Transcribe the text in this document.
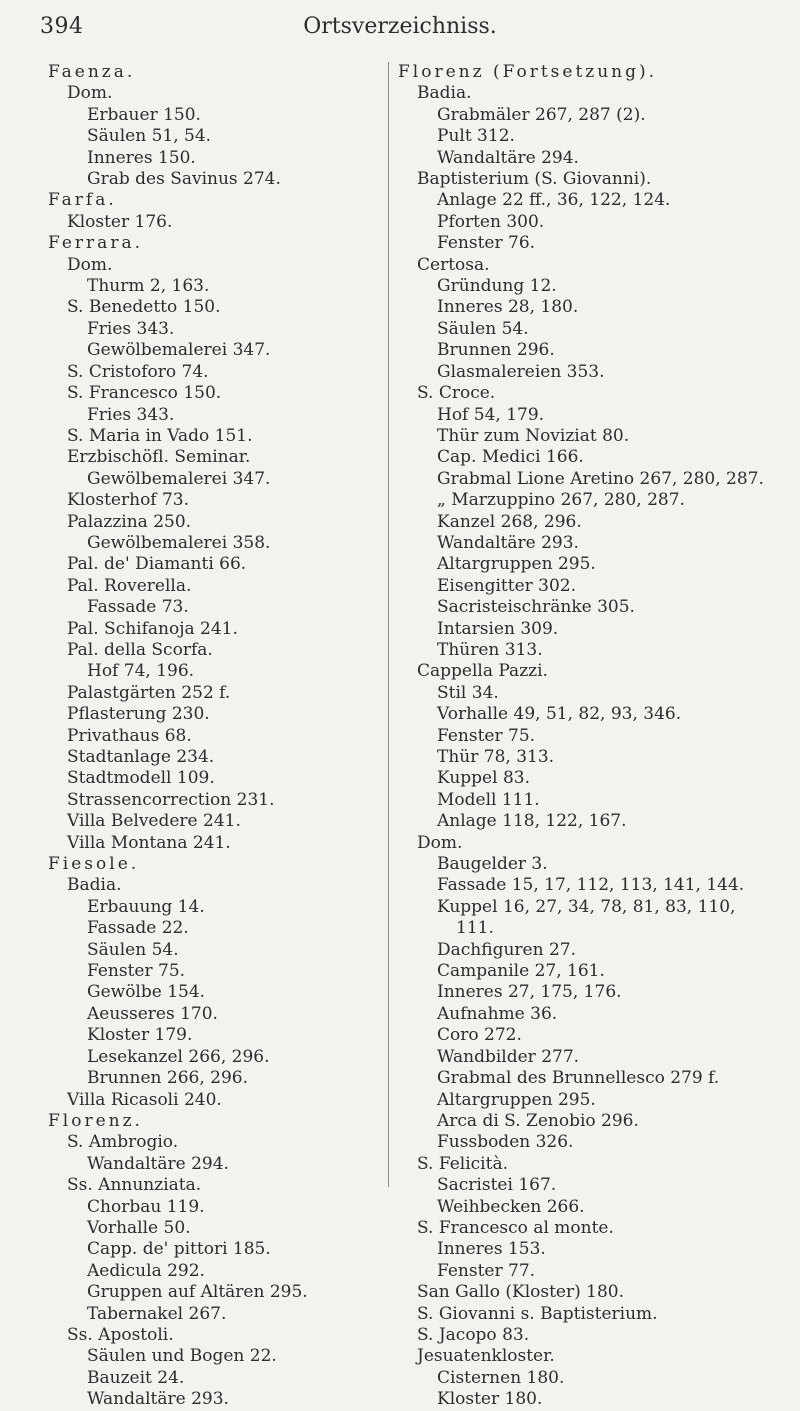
394	Ortsverzeichniss.
Faenza.
Dom.
Erbauer 150.
Säulen 51, 54.
Inneres 150.
Grab des Savinus 274.
Farfa.
Kloster 176.
Ferrara.
Dom.
Thurm 2, 163.
S. Benedetto 150.
Fries 343.
Gewölbemalerei 347.
S. Cristoforo 74.
S. Francesco 150.
Fries 343.
S. Maria in Vado 151.
Erzbischöfl. Seminar.
Gewölbemalerei 347.
Klosterhof 73.
Palazzina 250.
Gewölbemalerei 358.
Pal. de' Diamanti 66.
Pal. Roverella.
Fassade 73.
Pal. Schifanoja 241.
Pal. della Scorfa.
Hof 74, 196.
Palastgärten 252 f.
Pflasterung 230.
Privathaus 68.
Stadtanlage 234.
Stadtmodell 109.
Strassencorrection 231.
Villa Belvedere 241.
Villa Montana 241.
Fiesole.
Badia.
Erbauung 14.
Fassade 22.
Säulen 54.
Fenster 75.
Gewölbe 154.
Aeusseres 170.
Kloster 179.
Lesekanzel 266, 296.
Brunnen 266, 296.
Villa Ricasoli 240.
Florenz.
S. Ambrogio.
Wandaltäre 294.
Ss. Annunziata.
Chorbau 119.
Vorhalle 50.
Capp. de' pittori 185.
Aedicula 292.
Gruppen auf Altären 295.
Tabernakel 267.
Ss. Apostoli.
Säulen und Bogen 22.
Bauzeit 24.
Wandaltäre 293.
Florenz (Fortsetzung).
Badia.
Grabmäler 267, 287 (2).
Pult 312.
Wandaltäre 294.
Baptisterium (S. Giovanni).
Anlage 22 ff., 36, 122, 124.
Pforten 300.
Fenster 76.
Certosa.
Gründung 12.
Inneres 28, 180.
Säulen 54.
Brunnen 296.
Glasmalereien 353.
S. Croce.
Hof 54, 179.
Thür zum Noviziat 80.
Cap. Medici 166.
Grabmal Lione Aretino 267, 280, 287.
„ Marzuppino 267, 280, 287.
Kanzel 268, 296.
Wandaltäre 293.
Altargruppen 295.
Eisengitter 302.
Sacristeischränke 305.
Intarsien 309.
Thüren 313.
Cappella Pazzi.
Stil 34.
Vorhalle 49, 51, 82, 93, 346.
Fenster 75.
Thür 78, 313.
Kuppel 83.
Modell 111.
Anlage 118, 122, 167.
Dom.
Baugelder 3.
Fassade 15, 17, 112, 113, 141, 144.
Kuppel 16, 27, 34, 78, 81, 83, 110,
111.
Dachfiguren 27.
Campanile 27, 161.
Inneres 27, 175, 176.
Aufnahme 36.
Coro 272.
Wandbilder 277.
Grabmal des Brunnellesco 279 f.
Altargruppen 295.
Arca di S. Zenobio 296.
Fussboden 326.
S. Felicità.
Sacristei 167.
Weihbecken 266.
S. Francesco al monte.
Inneres 153.
Fenster 77.
San Gallo (Kloster) 180.
S. Giovanni s. Baptisterium.
S. Jacopo 83.
Jesuatenkloster.
Cisternen 180.
Kloster 180.
